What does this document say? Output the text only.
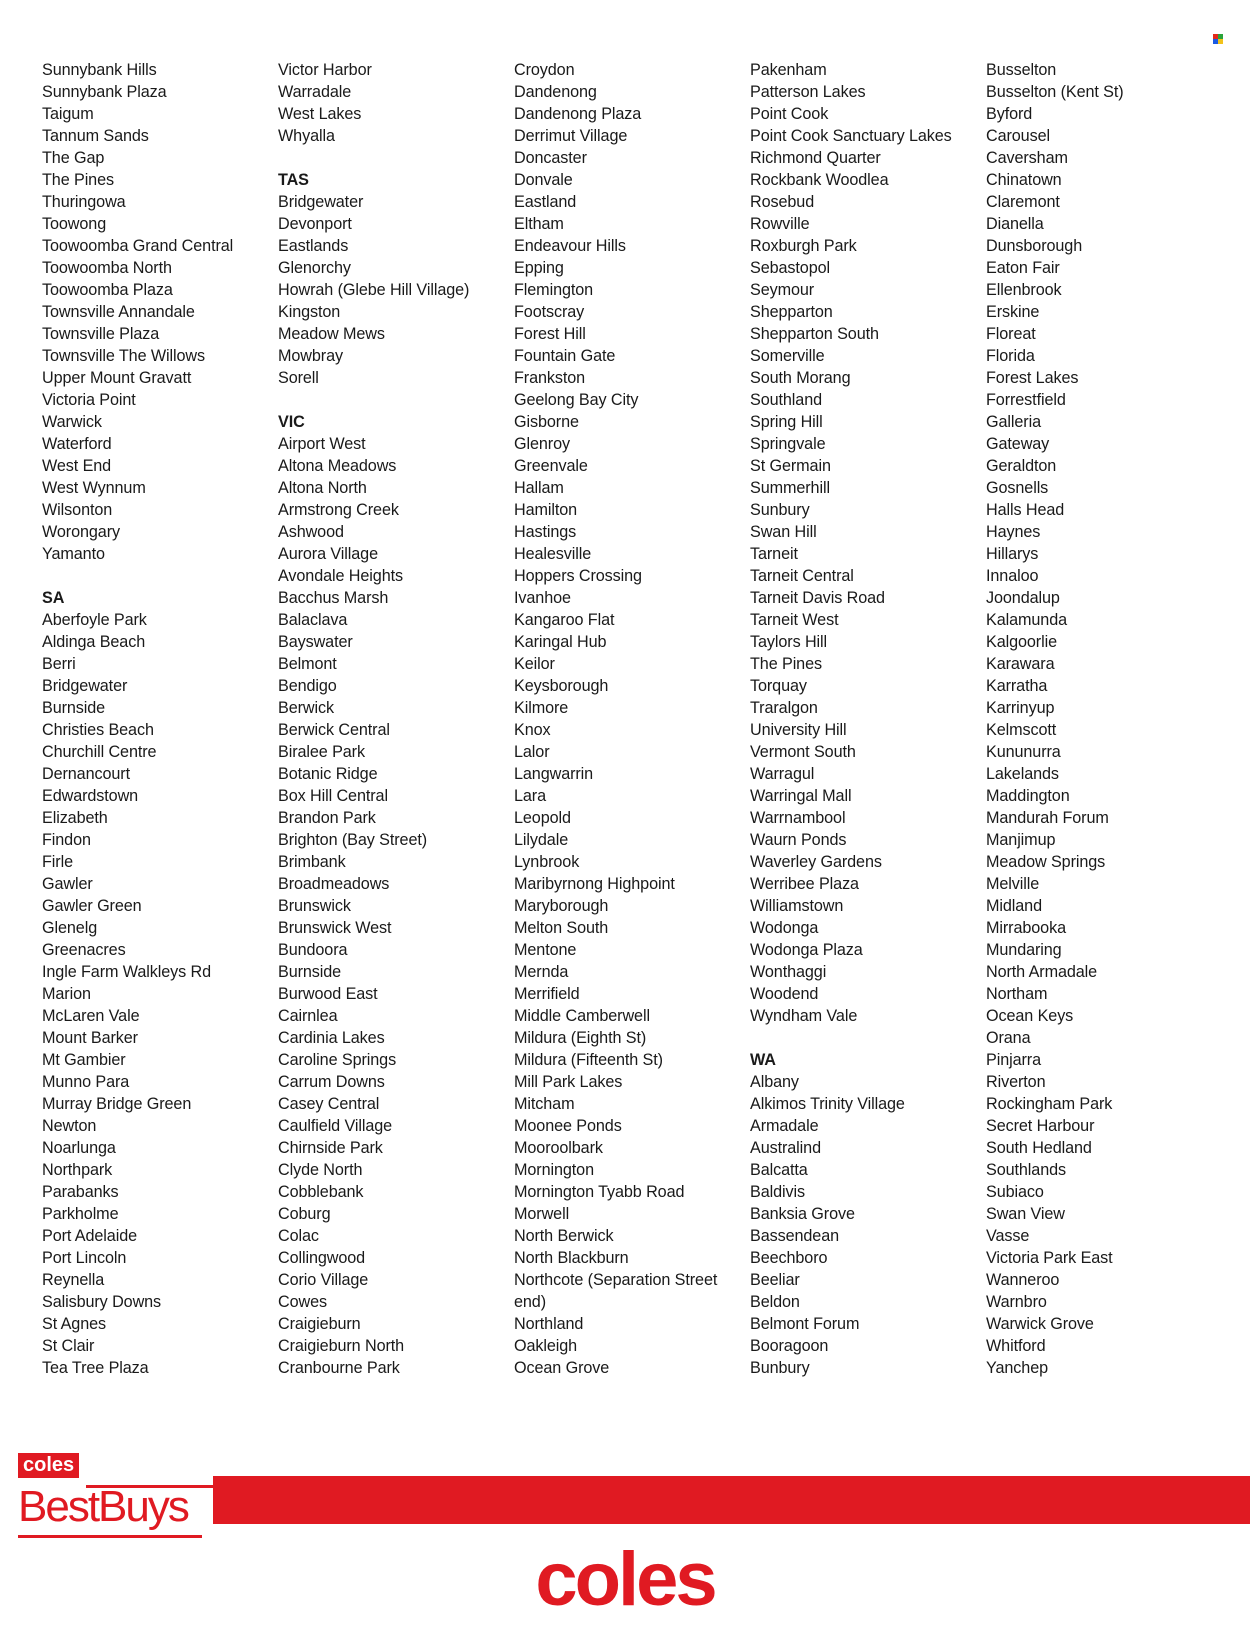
Sunnybank Hills
Sunnybank Plaza
Taigum
Tannum Sands
The Gap
The Pines
Thuringowa
Toowong
Toowoomba Grand Central
Toowoomba North
Toowoomba Plaza
Townsville Annandale
Townsville Plaza
Townsville The Willows
Upper Mount Gravatt
Victoria Point
Warwick
Waterford
West End
West Wynnum
Wilsonton
Worongary
Yamanto
SA
Aberfoyle Park
Aldinga Beach
Berri
Bridgewater
Burnside
Christies Beach
Churchill Centre
Dernancourt
Edwardstown
Elizabeth
Findon
Firle
Gawler
Gawler Green
Glenelg
Greenacres
Ingle Farm Walkleys Rd
Marion
McLaren Vale
Mount Barker
Mt Gambier
Munno Para
Murray Bridge Green
Newton
Noarlunga
Northpark
Parabanks
Parkholme
Port Adelaide
Port Lincoln
Reynella
Salisbury Downs
St Agnes
St Clair
Tea Tree Plaza
Victor Harbor
Warradale
West Lakes
Whyalla
TAS
Bridgewater
Devonport
Eastlands
Glenorchy
Howrah (Glebe Hill Village)
Kingston
Meadow Mews
Mowbray
Sorell
VIC
Airport West
Altona Meadows
Altona North
Armstrong Creek
Ashwood
Aurora Village
Avondale Heights
Bacchus Marsh
Balaclava
Bayswater
Belmont
Bendigo
Berwick
Berwick Central
Biralee Park
Botanic Ridge
Box Hill Central
Brandon Park
Brighton (Bay Street)
Brimbank
Broadmeadows
Brunswick
Brunswick West
Bundoora
Burnside
Burwood East
Cairnlea
Cardinia Lakes
Caroline Springs
Carrum Downs
Casey Central
Caulfield Village
Chirnside Park
Clyde North
Cobblebank
Coburg
Colac
Collingwood
Corio Village
Cowes
Craigieburn
Craigieburn North
Cranbourne Park
Croydon
Dandenong
Dandenong Plaza
Derrimut Village
Doncaster
Donvale
Eastland
Eltham
Endeavour Hills
Epping
Flemington
Footscray
Forest Hill
Fountain Gate
Frankston
Geelong Bay City
Gisborne
Glenroy
Greenvale
Hallam
Hamilton
Hastings
Healesville
Hoppers Crossing
Ivanhoe
Kangaroo Flat
Karingal Hub
Keilor
Keysborough
Kilmore
Knox
Lalor
Langwarrin
Lara
Leopold
Lilydale
Lynbrook
Maribyrnong Highpoint
Maryborough
Melton South
Mentone
Mernda
Merrifield
Middle Camberwell
Mildura (Eighth St)
Mildura (Fifteenth St)
Mill Park Lakes
Mitcham
Moonee Ponds
Mooroolbark
Mornington
Mornington Tyabb Road
Morwell
North Berwick
North Blackburn
Northcote (Separation Street
end)
Northland
Oakleigh
Ocean Grove
Pakenham
Patterson Lakes
Point Cook
Point Cook Sanctuary Lakes
Richmond Quarter
Rockbank Woodlea
Rosebud
Rowville
Roxburgh Park
Sebastopol
Seymour
Shepparton
Shepparton South
Somerville
South Morang
Southland
Spring Hill
Springvale
St Germain
Summerhill
Sunbury
Swan Hill
Tarneit
Tarneit Central
Tarneit Davis Road
Tarneit West
Taylors Hill
The Pines
Torquay
Traralgon
University Hill
Vermont South
Warragul
Warringal Mall
Warrnambool
Waurn Ponds
Waverley Gardens
Werribee Plaza
Williamstown
Wodonga
Wodonga Plaza
Wonthaggi
Woodend
Wyndham Vale
WA
Albany
Alkimos Trinity Village
Armadale
Australind
Balcatta
Baldivis
Banksia Grove
Bassendean
Beechboro
Beeliar
Beldon
Belmont Forum
Booragoon
Bunbury
Busselton
Busselton (Kent St)
Byford
Carousel
Caversham
Chinatown
Claremont
Dianella
Dunsborough
Eaton Fair
Ellenbrook
Erskine
Floreat
Florida
Forest Lakes
Forrestfield
Galleria
Gateway
Geraldton
Gosnells
Halls Head
Haynes
Hillarys
Innaloo
Joondalup
Kalamunda
Kalgoorlie
Karawara
Karratha
Karrinyup
Kelmscott
Kununurra
Lakelands
Maddington
Mandurah Forum
Manjimup
Meadow Springs
Melville
Midland
Mirrabooka
Mundaring
North Armadale
Northam
Ocean Keys
Orana
Pinjarra
Riverton
Rockingham Park
Secret Harbour
South Hedland
Southlands
Subiaco
Swan View
Vasse
Victoria Park East
Wanneroo
Warnbro
Warwick Grove
Whitford
Yanchep
coles
BestBuys
coles
